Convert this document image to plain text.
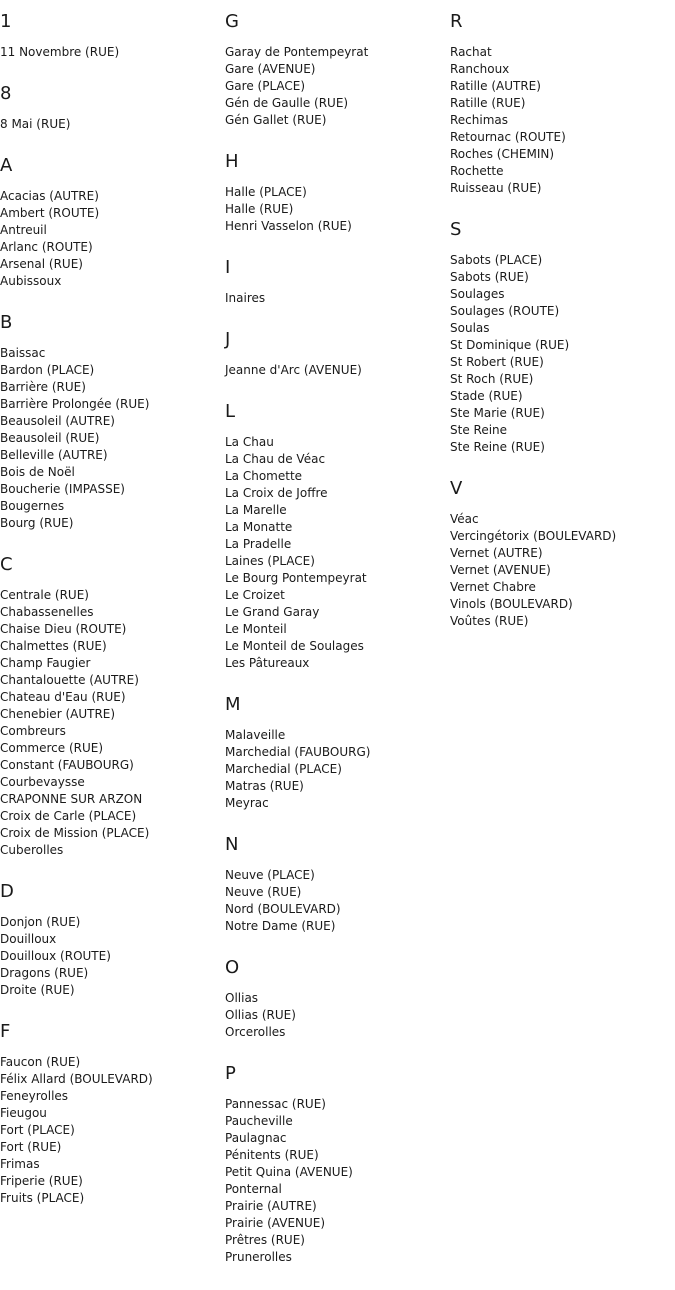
1
11 Novembre (RUE)
8
8 Mai (RUE)
A
Acacias (AUTRE)
Ambert (ROUTE)
Antreuil
Arlanc (ROUTE)
Arsenal (RUE)
Aubissoux
B
Baissac
Bardon (PLACE)
Barrière (RUE)
Barrière Prolongée (RUE)
Beausoleil (AUTRE)
Beausoleil (RUE)
Belleville (AUTRE)
Bois de Noël
Boucherie (IMPASSE)
Bougernes
Bourg (RUE)
C
Centrale (RUE)
Chabassenelles
Chaise Dieu (ROUTE)
Chalmettes (RUE)
Champ Faugier
Chantalouette (AUTRE)
Chateau d'Eau (RUE)
Chenebier (AUTRE)
Combreurs
Commerce (RUE)
Constant (FAUBOURG)
Courbevaysse
CRAPONNE SUR ARZON
Croix de Carle (PLACE)
Croix de Mission (PLACE)
Cuberolles
D
Donjon (RUE)
Douilloux
Douilloux (ROUTE)
Dragons (RUE)
Droite (RUE)
F
Faucon (RUE)
Félix Allard (BOULEVARD)
Feneyrolles
Fieugou
Fort (PLACE)
Fort (RUE)
Frimas
Friperie (RUE)
Fruits (PLACE)
G
Garay de Pontempeyrat
Gare (AVENUE)
Gare (PLACE)
Gén de Gaulle (RUE)
Gén Gallet (RUE)
H
Halle (PLACE)
Halle (RUE)
Henri Vasselon (RUE)
I
Inaires
J
Jeanne d'Arc (AVENUE)
L
La Chau
La Chau de Véac
La Chomette
La Croix de Joffre
La Marelle
La Monatte
La Pradelle
Laines (PLACE)
Le Bourg Pontempeyrat
Le Croizet
Le Grand Garay
Le Monteil
Le Monteil de Soulages
Les Pâtureaux
M
Malaveille
Marchedial (FAUBOURG)
Marchedial (PLACE)
Matras (RUE)
Meyrac
N
Neuve (PLACE)
Neuve (RUE)
Nord (BOULEVARD)
Notre Dame (RUE)
O
Ollias
Ollias (RUE)
Orcerolles
P
Pannessac (RUE)
Paucheville
Paulagnac
Pénitents (RUE)
Petit Quina (AVENUE)
Ponternal
Prairie (AUTRE)
Prairie (AVENUE)
Prêtres (RUE)
Prunerolles
R
Rachat
Ranchoux
Ratille (AUTRE)
Ratille (RUE)
Rechimas
Retournac (ROUTE)
Roches (CHEMIN)
Rochette
Ruisseau (RUE)
S
Sabots (PLACE)
Sabots (RUE)
Soulages
Soulages (ROUTE)
Soulas
St Dominique (RUE)
St Robert (RUE)
St Roch (RUE)
Stade (RUE)
Ste Marie (RUE)
Ste Reine
Ste Reine (RUE)
V
Véac
Vercingétorix (BOULEVARD)
Vernet (AUTRE)
Vernet (AVENUE)
Vernet Chabre
Vinols (BOULEVARD)
Voûtes (RUE)
